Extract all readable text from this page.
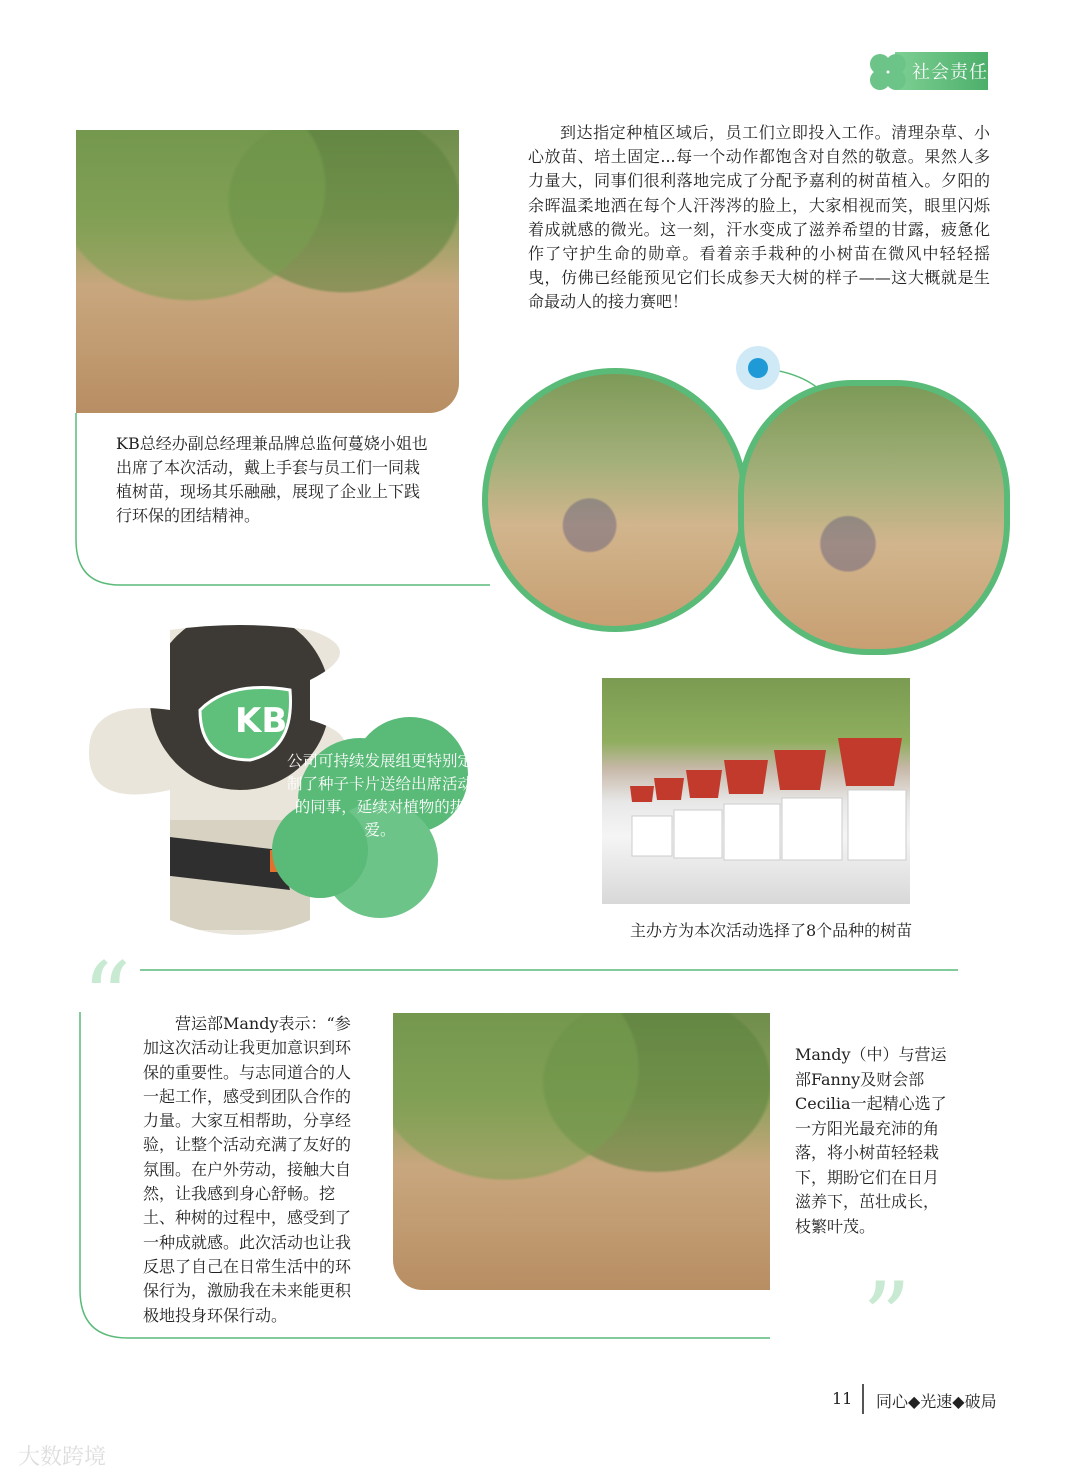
社会责任
到达指定种植区域后，员工们立即投入工作。清理杂草、小心放苗、培土固定...每一个动作都饱含对自然的敬意。果然人多力量大，同事们很利落地完成了分配予嘉利的树苗植入。夕阳的余晖温柔地洒在每个人汗涔涔的脸上，大家相视而笑，眼里闪烁着成就感的微光。这一刻，汗水变成了滋养希望的甘露，疲惫化作了守护生命的勋章。看着亲手栽种的小树苗在微风中轻轻摇曳，仿佛已经能预见它们长成参天大树的样子——这大概就是生命最动人的接力赛吧！
KB总经办副总经理兼品牌总监何蔓娆小姐也出席了本次活动，戴上手套与员工们一同栽植树苗，现场其乐融融，展现了企业上下践行环保的团结精神。
KB
公司可持续发展组更特别定制了种子卡片送给出席活动的同事，延续对植物的热爱。
主办方为本次活动选择了8个品种的树苗
“
”
营运部Mandy表示：“参加这次活动让我更加意识到环保的重要性。与志同道合的人一起工作，感受到团队合作的力量。大家互相帮助，分享经验，让整个活动充满了友好的氛围。在户外劳动，接触大自然，让我感到身心舒畅。挖土、种树的过程中，感受到了一种成就感。此次活动也让我反思了自己在日常生活中的环保行为，激励我在未来能更积极地投身环保行动。
Mandy（中）与营运部Fanny及财会部Cecilia一起精心选了一方阳光最充沛的角落，将小树苗轻轻栽下，期盼它们在日月滋养下，茁壮成长，枝繁叶茂。
11 同心◆光速◆破局
大数跨境
